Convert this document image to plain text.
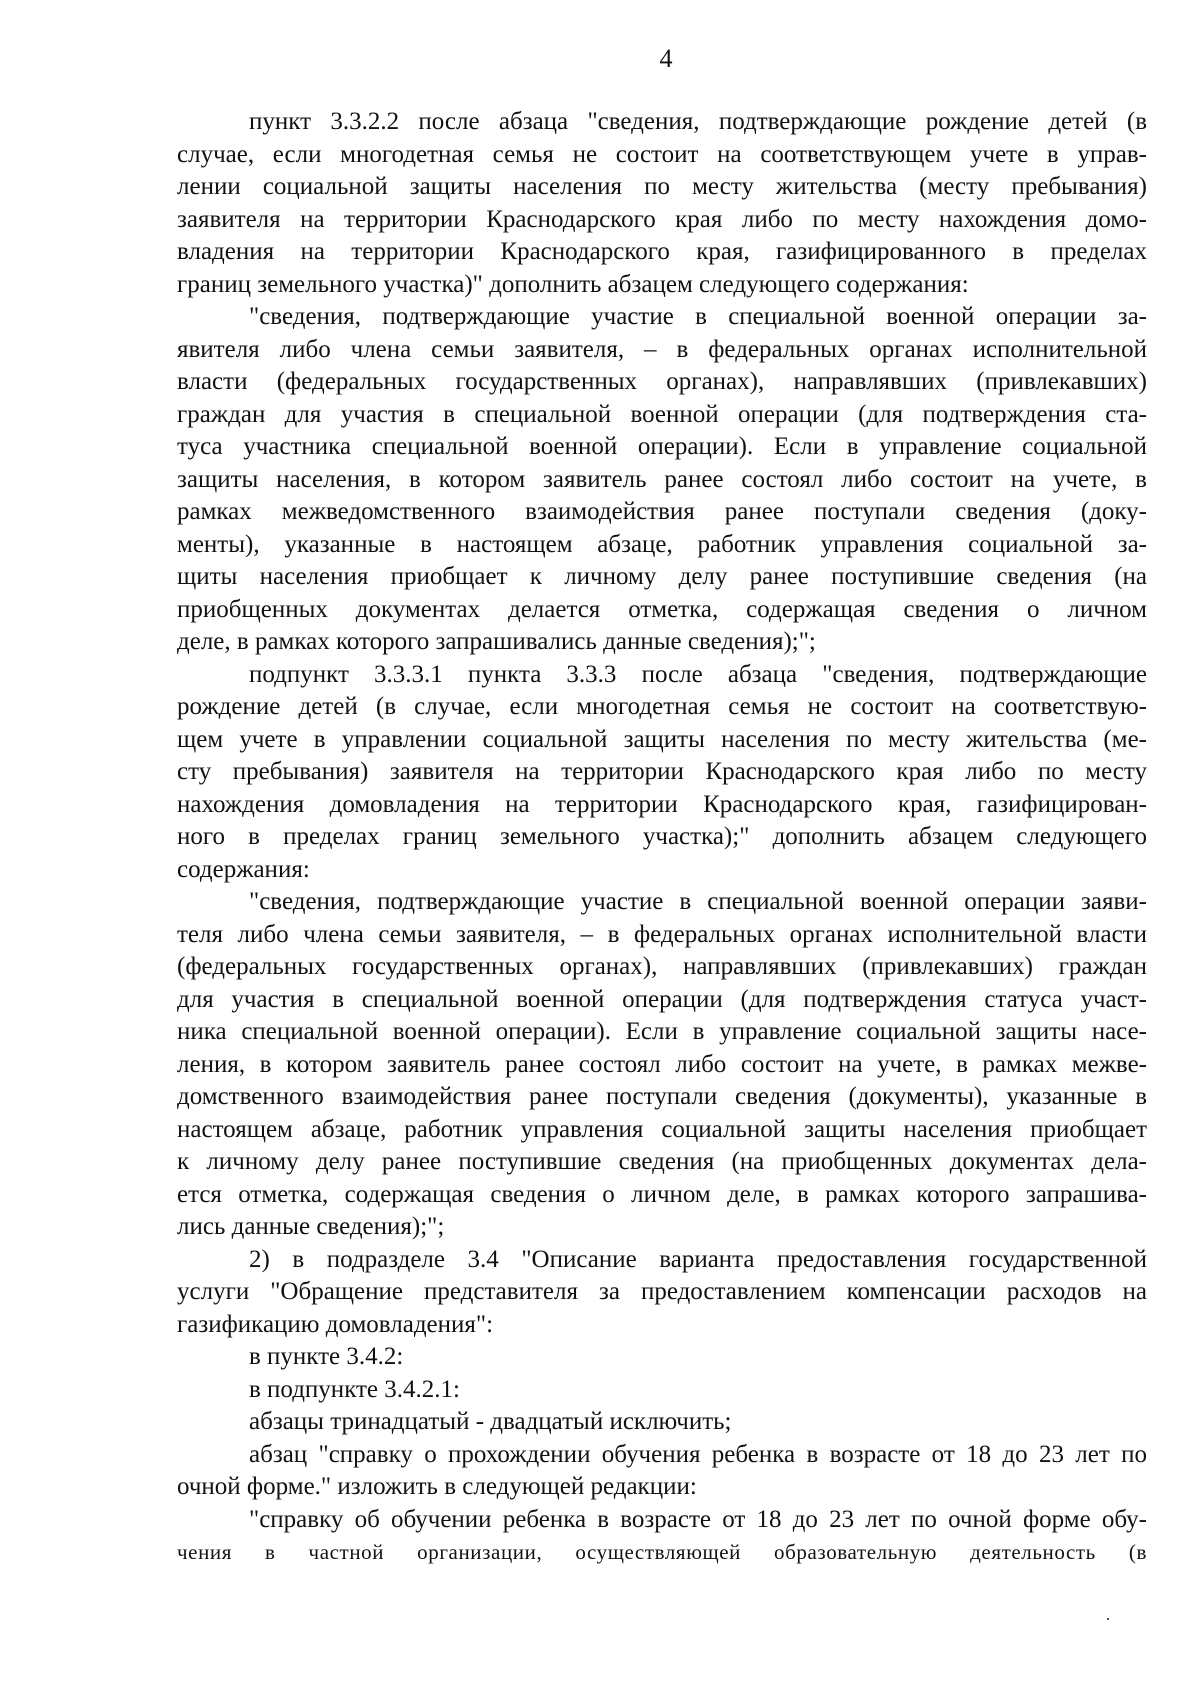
4
пункт 3.3.2.2 после абзаца "сведения, подтверждающие рождение детей (в
случае, если многодетная семья не состоит на соответствующем учете в управ-
лении социальной защиты населения по месту жительства (месту пребывания)
заявителя на территории Краснодарского края либо по месту нахождения домо-
владения на территории Краснодарского края, газифицированного в пределах
границ земельного участка)" дополнить абзацем следующего содержания:
"сведения, подтверждающие участие в специальной военной операции за-
явителя либо члена семьи заявителя, – в федеральных органах исполнительной
власти (федеральных государственных органах), направлявших (привлекавших)
граждан для участия в специальной военной операции (для подтверждения ста-
туса участника специальной военной операции). Если в управление социальной
защиты населения, в котором заявитель ранее состоял либо состоит на учете, в
рамках межведомственного взаимодействия ранее поступали сведения (доку-
менты), указанные в настоящем абзаце, работник управления социальной за-
щиты населения приобщает к личному делу ранее поступившие сведения (на
приобщенных документах делается отметка, содержащая сведения о личном
деле, в рамках которого запрашивались данные сведения);";
подпункт 3.3.3.1 пункта 3.3.3 после абзаца "сведения, подтверждающие
рождение детей (в случае, если многодетная семья не состоит на соответствую-
щем учете в управлении социальной защиты населения по месту жительства (ме-
сту пребывания) заявителя на территории Краснодарского края либо по месту
нахождения домовладения на территории Краснодарского края, газифицирован-
ного в пределах границ земельного участка);" дополнить абзацем следующего
содержания:
"сведения, подтверждающие участие в специальной военной операции заяви-
теля либо члена семьи заявителя, – в федеральных органах исполнительной власти
(федеральных государственных органах), направлявших (привлекавших) граждан
для участия в специальной военной операции (для подтверждения статуса участ-
ника специальной военной операции). Если в управление социальной защиты насе-
ления, в котором заявитель ранее состоял либо состоит на учете, в рамках межве-
домственного взаимодействия ранее поступали сведения (документы), указанные в
настоящем абзаце, работник управления социальной защиты населения приобщает
к личному делу ранее поступившие сведения (на приобщенных документах дела-
ется отметка, содержащая сведения о личном деле, в рамках которого запрашива-
лись данные сведения);";
2) в подразделе 3.4 "Описание варианта предоставления государственной
услуги "Обращение представителя за предоставлением компенсации расходов на
газификацию домовладения":
в пункте 3.4.2:
в подпункте 3.4.2.1:
абзацы тринадцатый - двадцатый исключить;
абзац "справку о прохождении обучения ребенка в возрасте от 18 до 23 лет по
очной форме." изложить в следующей редакции:
"справку об обучении ребенка в возрасте от 18 до 23 лет по очной форме обу-
чения в частной организации, осуществляющей образовательную деятельность (в
